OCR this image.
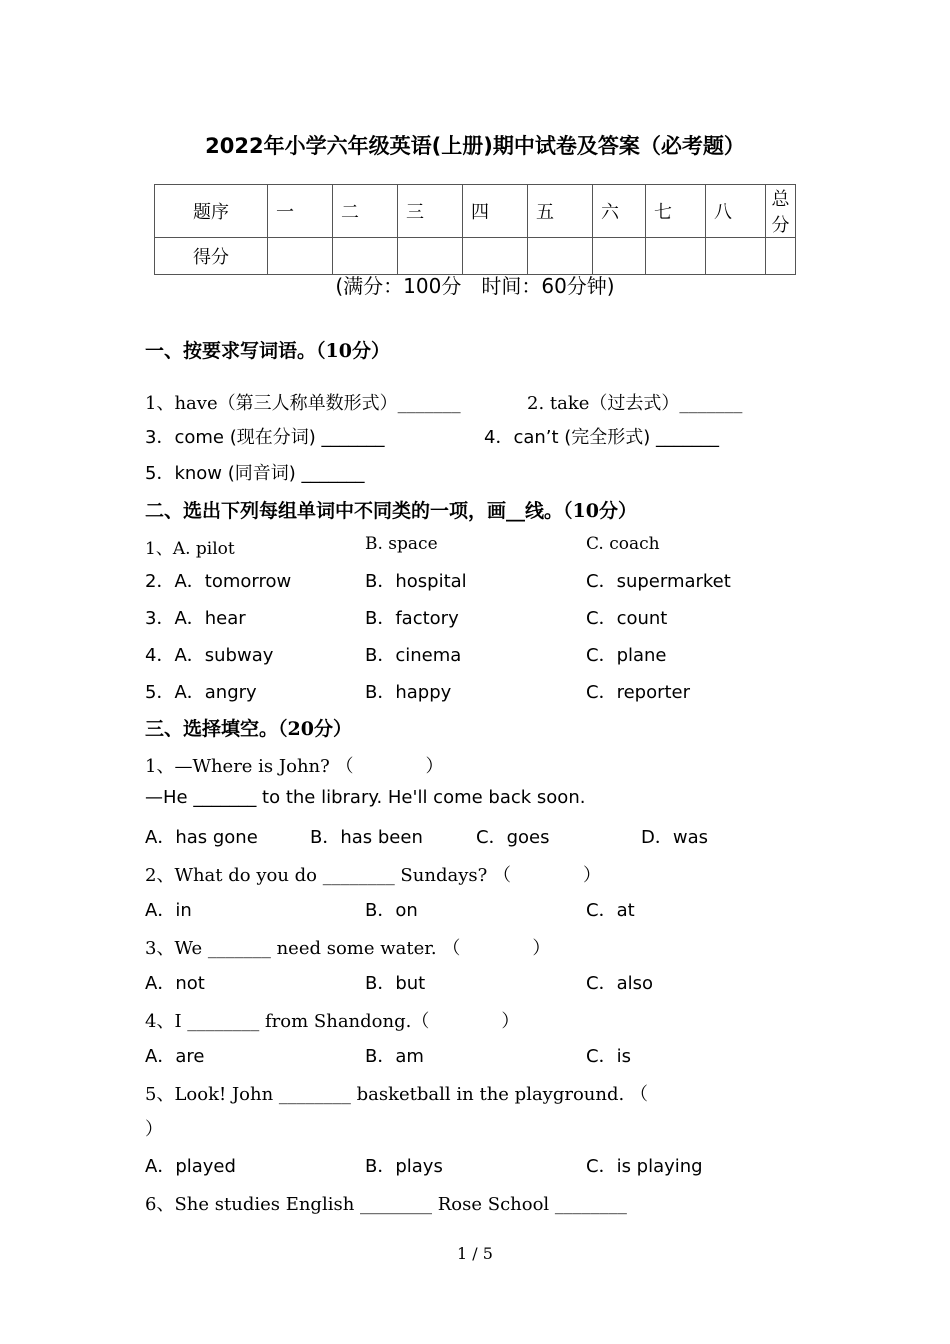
2022年小学六年级英语(上册)期中试卷及答案（必考题）
题序	一	二	三	四	五	六	七	八	总分
得分									
(满分：100分　时间：60分钟)
一、按要求写词语。（10分）
1、have（第三人称单数形式）_______	2. take（过去式）_______
3．come (现在分词) _______	4．can’t (完全形式) _______
5．know (同音词) _______
二、选出下列每组单词中不同类的一项，画__线。（10分）
1、A. pilot	B. space	C. coach
2．A．tomorrow	B．hospital	C．supermarket
3．A．hear	B．factory	C．count
4．A．subway	B．cinema	C．plane
5．A．angry	B．happy	C．reporter
三、选择填空。（20分）
1、—Where is John? （　　　　）
—He _______ to the library. He'll come back soon.
A．has gone	B．has been	C．goes	D．was
2、What do you do ________ Sundays? （　　　　）
A．in	B．on	C．at
3、We _______ need some water. （　　　　）
A．not	B．but	C．also
4、I ________ from Shandong.（　　　　）
A．are	B．am	C．is
5、Look! John ________ basketball in the playground. （
）
A．played	B．plays	C．is playing
6、She studies English ________ Rose School ________
1 / 5
